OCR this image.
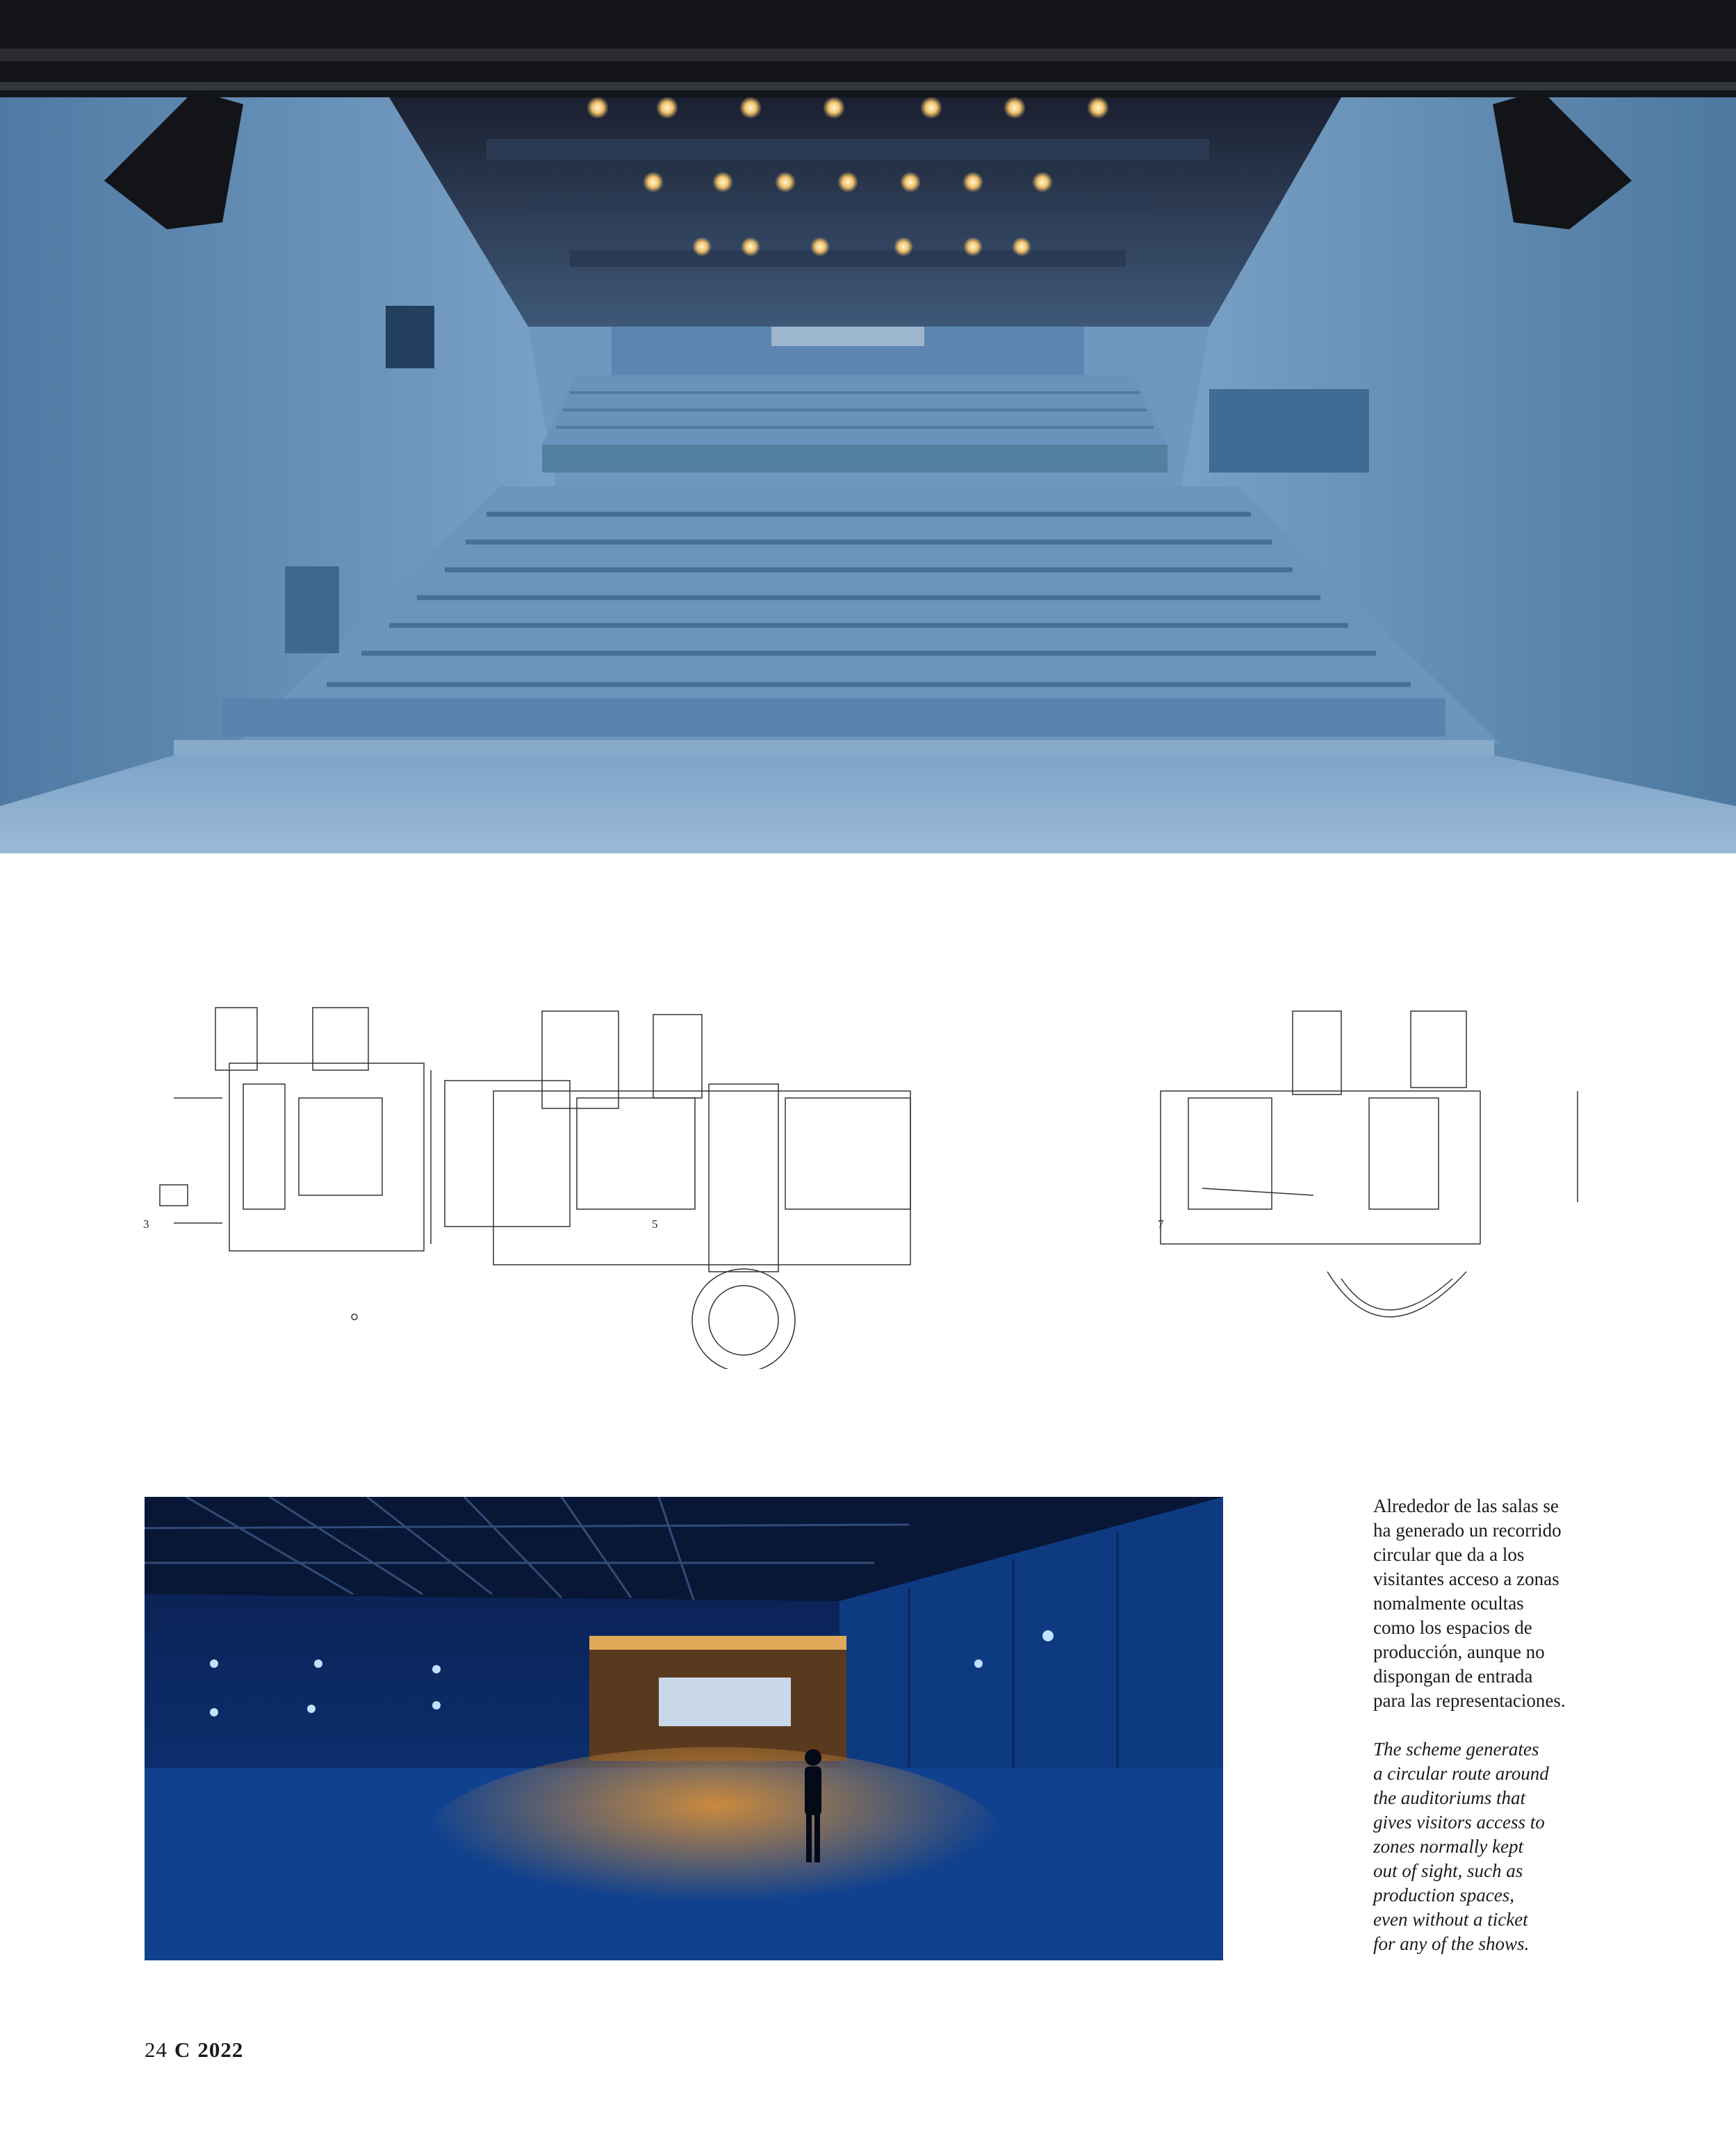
3	5	7

Alrededor de las salas se
ha generado un recorrido
circular que da a los
visitantes acceso a zonas
nomalmente ocultas
como los espacios de
producción, aunque no
dispongan de entrada
para las representaciones.

The scheme generates
a circular route around
the auditoriums that
gives visitors access to
zones normally kept
out of sight, such as
production spaces,
even without a ticket
for any of the shows.

24 C 2022
